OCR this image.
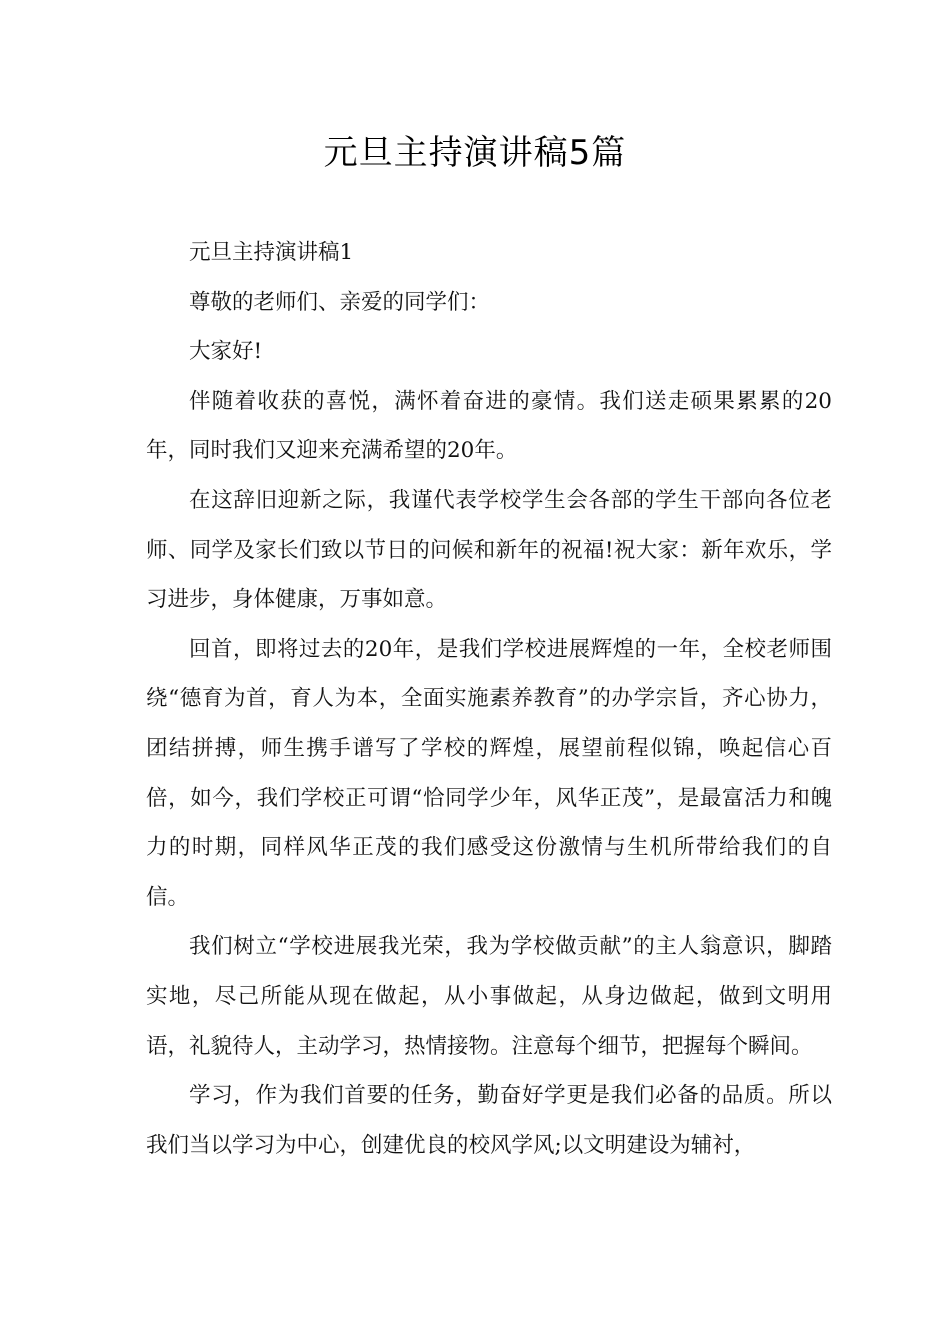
元旦主持演讲稿5篇

元旦主持演讲稿1

尊敬的老师们、亲爱的同学们：

大家好!

伴随着收获的喜悦，满怀着奋进的豪情。我们送走硕果累累的20年，同时我们又迎来充满希望的20年。

在这辞旧迎新之际，我谨代表学校学生会各部的学生干部向各位老师、同学及家长们致以节日的问候和新年的祝福!祝大家：新年欢乐，学习进步，身体健康，万事如意。

回首，即将过去的20年，是我们学校进展辉煌的一年，全校老师围绕“德育为首，育人为本，全面实施素养教育”的办学宗旨，齐心协力，团结拼搏，师生携手谱写了学校的辉煌，展望前程似锦，唤起信心百倍，如今，我们学校正可谓“恰同学少年，风华正茂”，是最富活力和魄力的时期，同样风华正茂的我们感受这份激情与生机所带给我们的自信。

我们树立“学校进展我光荣，我为学校做贡献”的主人翁意识，脚踏实地，尽己所能从现在做起，从小事做起，从身边做起，做到文明用语，礼貌待人，主动学习，热情接物。注意每个细节，把握每个瞬间。

学习，作为我们首要的任务，勤奋好学更是我们必备的品质。所以我们当以学习为中心，创建优良的校风学风;以文明建设为辅衬，
